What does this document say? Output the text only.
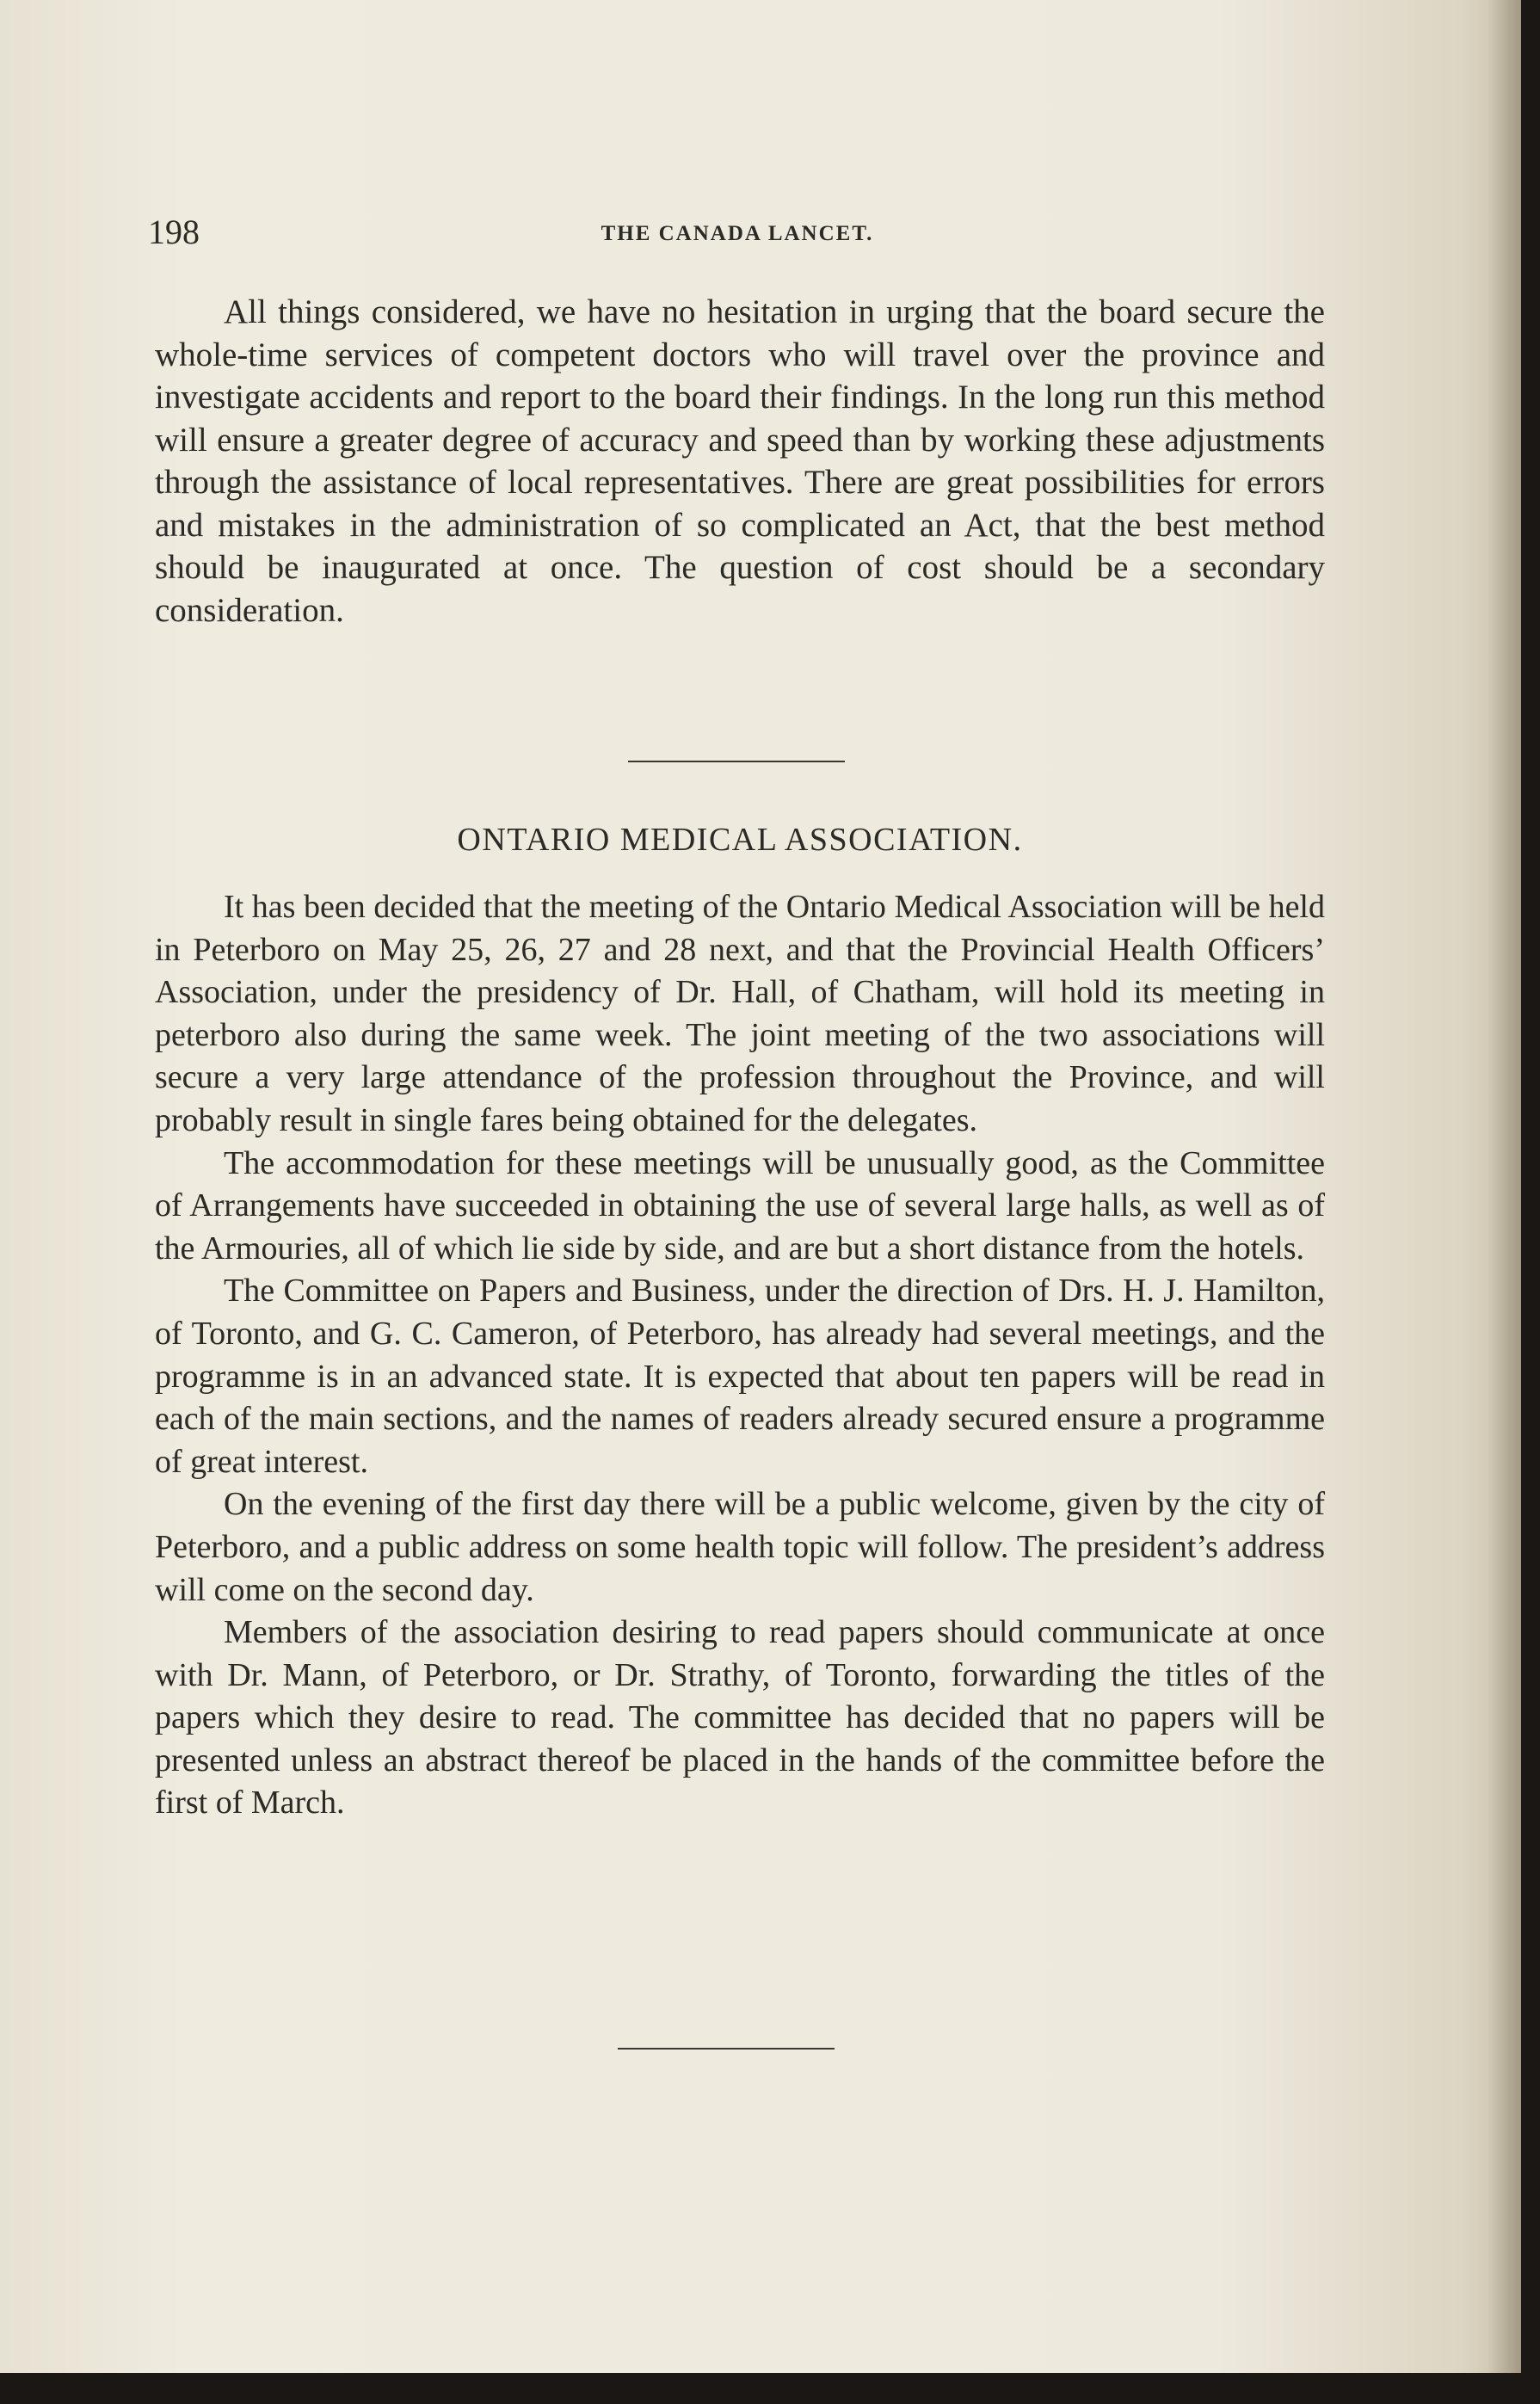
198	THE CANADA LANCET.

All things considered, we have no hesitation in urging that the board secure the whole-time services of competent doctors who will travel over the province and investigate accidents and report to the board their findings. In the long run this method will ensure a greater degree of accuracy and speed than by working these adjustments through the assistance of local representatives. There are great possibilities for errors and mistakes in the administration of so complicated an Act, that the best method should be inaugurated at once. The question of cost should be a secondary consideration.

ONTARIO MEDICAL ASSOCIATION.

It has been decided that the meeting of the Ontario Medical Association will be held in Peterboro on May 25, 26, 27 and 28 next, and that the Provincial Health Officers’ Association, under the presidency of Dr. Hall, of Chatham, will hold its meeting in peterboro also during the same week. The joint meeting of the two associations will secure a very large attendance of the profession throughout the Province, and will probably result in single fares being obtained for the delegates.

The accommodation for these meetings will be unusually good, as the Committee of Arrangements have succeeded in obtaining the use of several large halls, as well as of the Armouries, all of which lie side by side, and are but a short distance from the hotels.

The Committee on Papers and Business, under the direction of Drs. H. J. Hamilton, of Toronto, and G. C. Cameron, of Peterboro, has already had several meetings, and the programme is in an advanced state. It is expected that about ten papers will be read in each of the main sections, and the names of readers already secured ensure a programme of great interest.

On the evening of the first day there will be a public welcome, given by the city of Peterboro, and a public address on some health topic will follow. The president’s address will come on the second day.

Members of the association desiring to read papers should communicate at once with Dr. Mann, of Peterboro, or Dr. Strathy, of Toronto, forwarding the titles of the papers which they desire to read. The committee has decided that no papers will be presented unless an abstract thereof be placed in the hands of the committee before the first of March.
